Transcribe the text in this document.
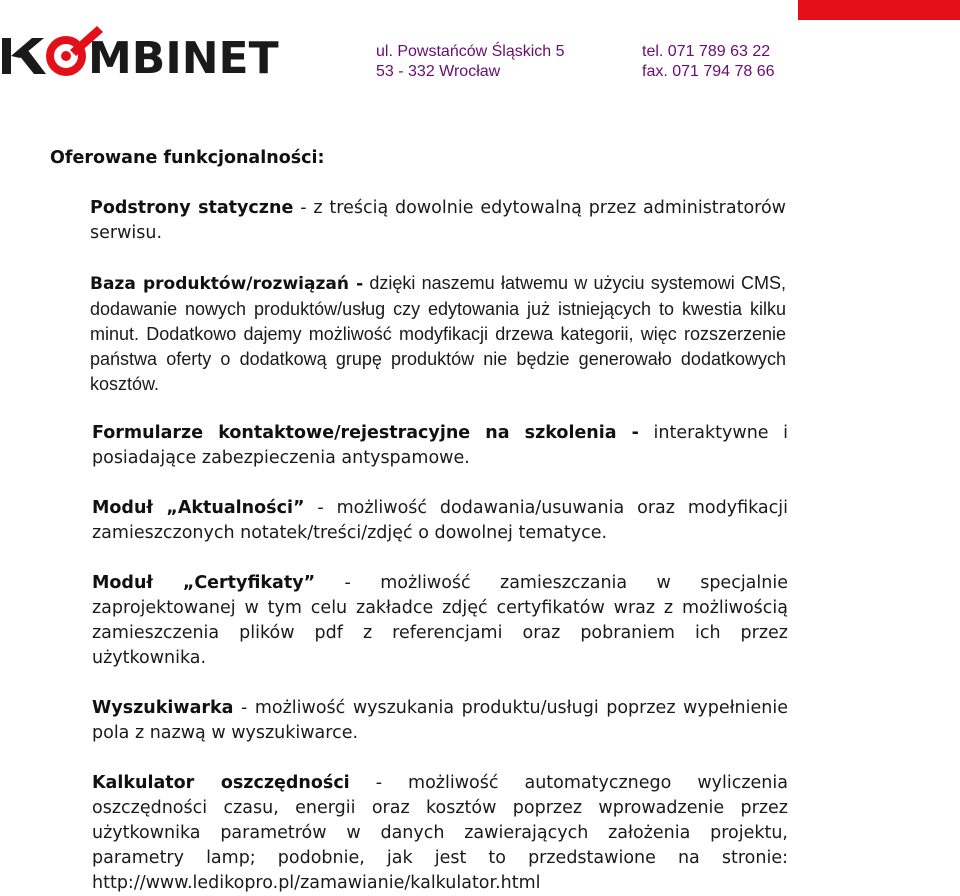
MBINET	ul. Powstańców Śląskich 5
53 - 332 Wrocław
tel. 071 789 63 22
fax. 071 794 78 66
Oferowane funkcjonalności:

Podstrony statyczne - z treścią dowolnie edytowalną przez administratorów serwisu.

Baza produktów/rozwiązań - dzięki naszemu łatwemu w użyciu systemowi CMS, dodawanie nowych produktów/usług czy edytowania już istniejących to kwestia kilku minut. Dodatkowo dajemy możliwość modyfikacji drzewa kategorii, więc rozszerzenie państwa oferty o dodatkową grupę produktów nie będzie generowało dodatkowych kosztów.

Formularze kontaktowe/rejestracyjne na szkolenia - interaktywne i posiadające zabezpieczenia antyspamowe.

Moduł „Aktualności” - możliwość dodawania/usuwania oraz modyfikacji zamieszczonych notatek/treści/zdjęć o dowolnej tematyce.

Moduł „Certyfikaty” - możliwość zamieszczania w specjalnie zaprojektowanej w tym celu zakładce zdjęć certyfikatów wraz z możliwością zamieszczenia plików pdf z referencjami oraz pobraniem ich przez użytkownika.

Wyszukiwarka - możliwość wyszukania produktu/usługi poprzez wypełnienie pola z nazwą w wyszukiwarce.

Kalkulator oszczędności - możliwość automatycznego wyliczenia oszczędności czasu, energii oraz kosztów poprzez wprowadzenie przez użytkownika parametrów w danych zawierających założenia projektu, parametry lamp; podobnie, jak jest to przedstawione na stronie: http://www.ledikopro.pl/zamawianie/kalkulator.html
